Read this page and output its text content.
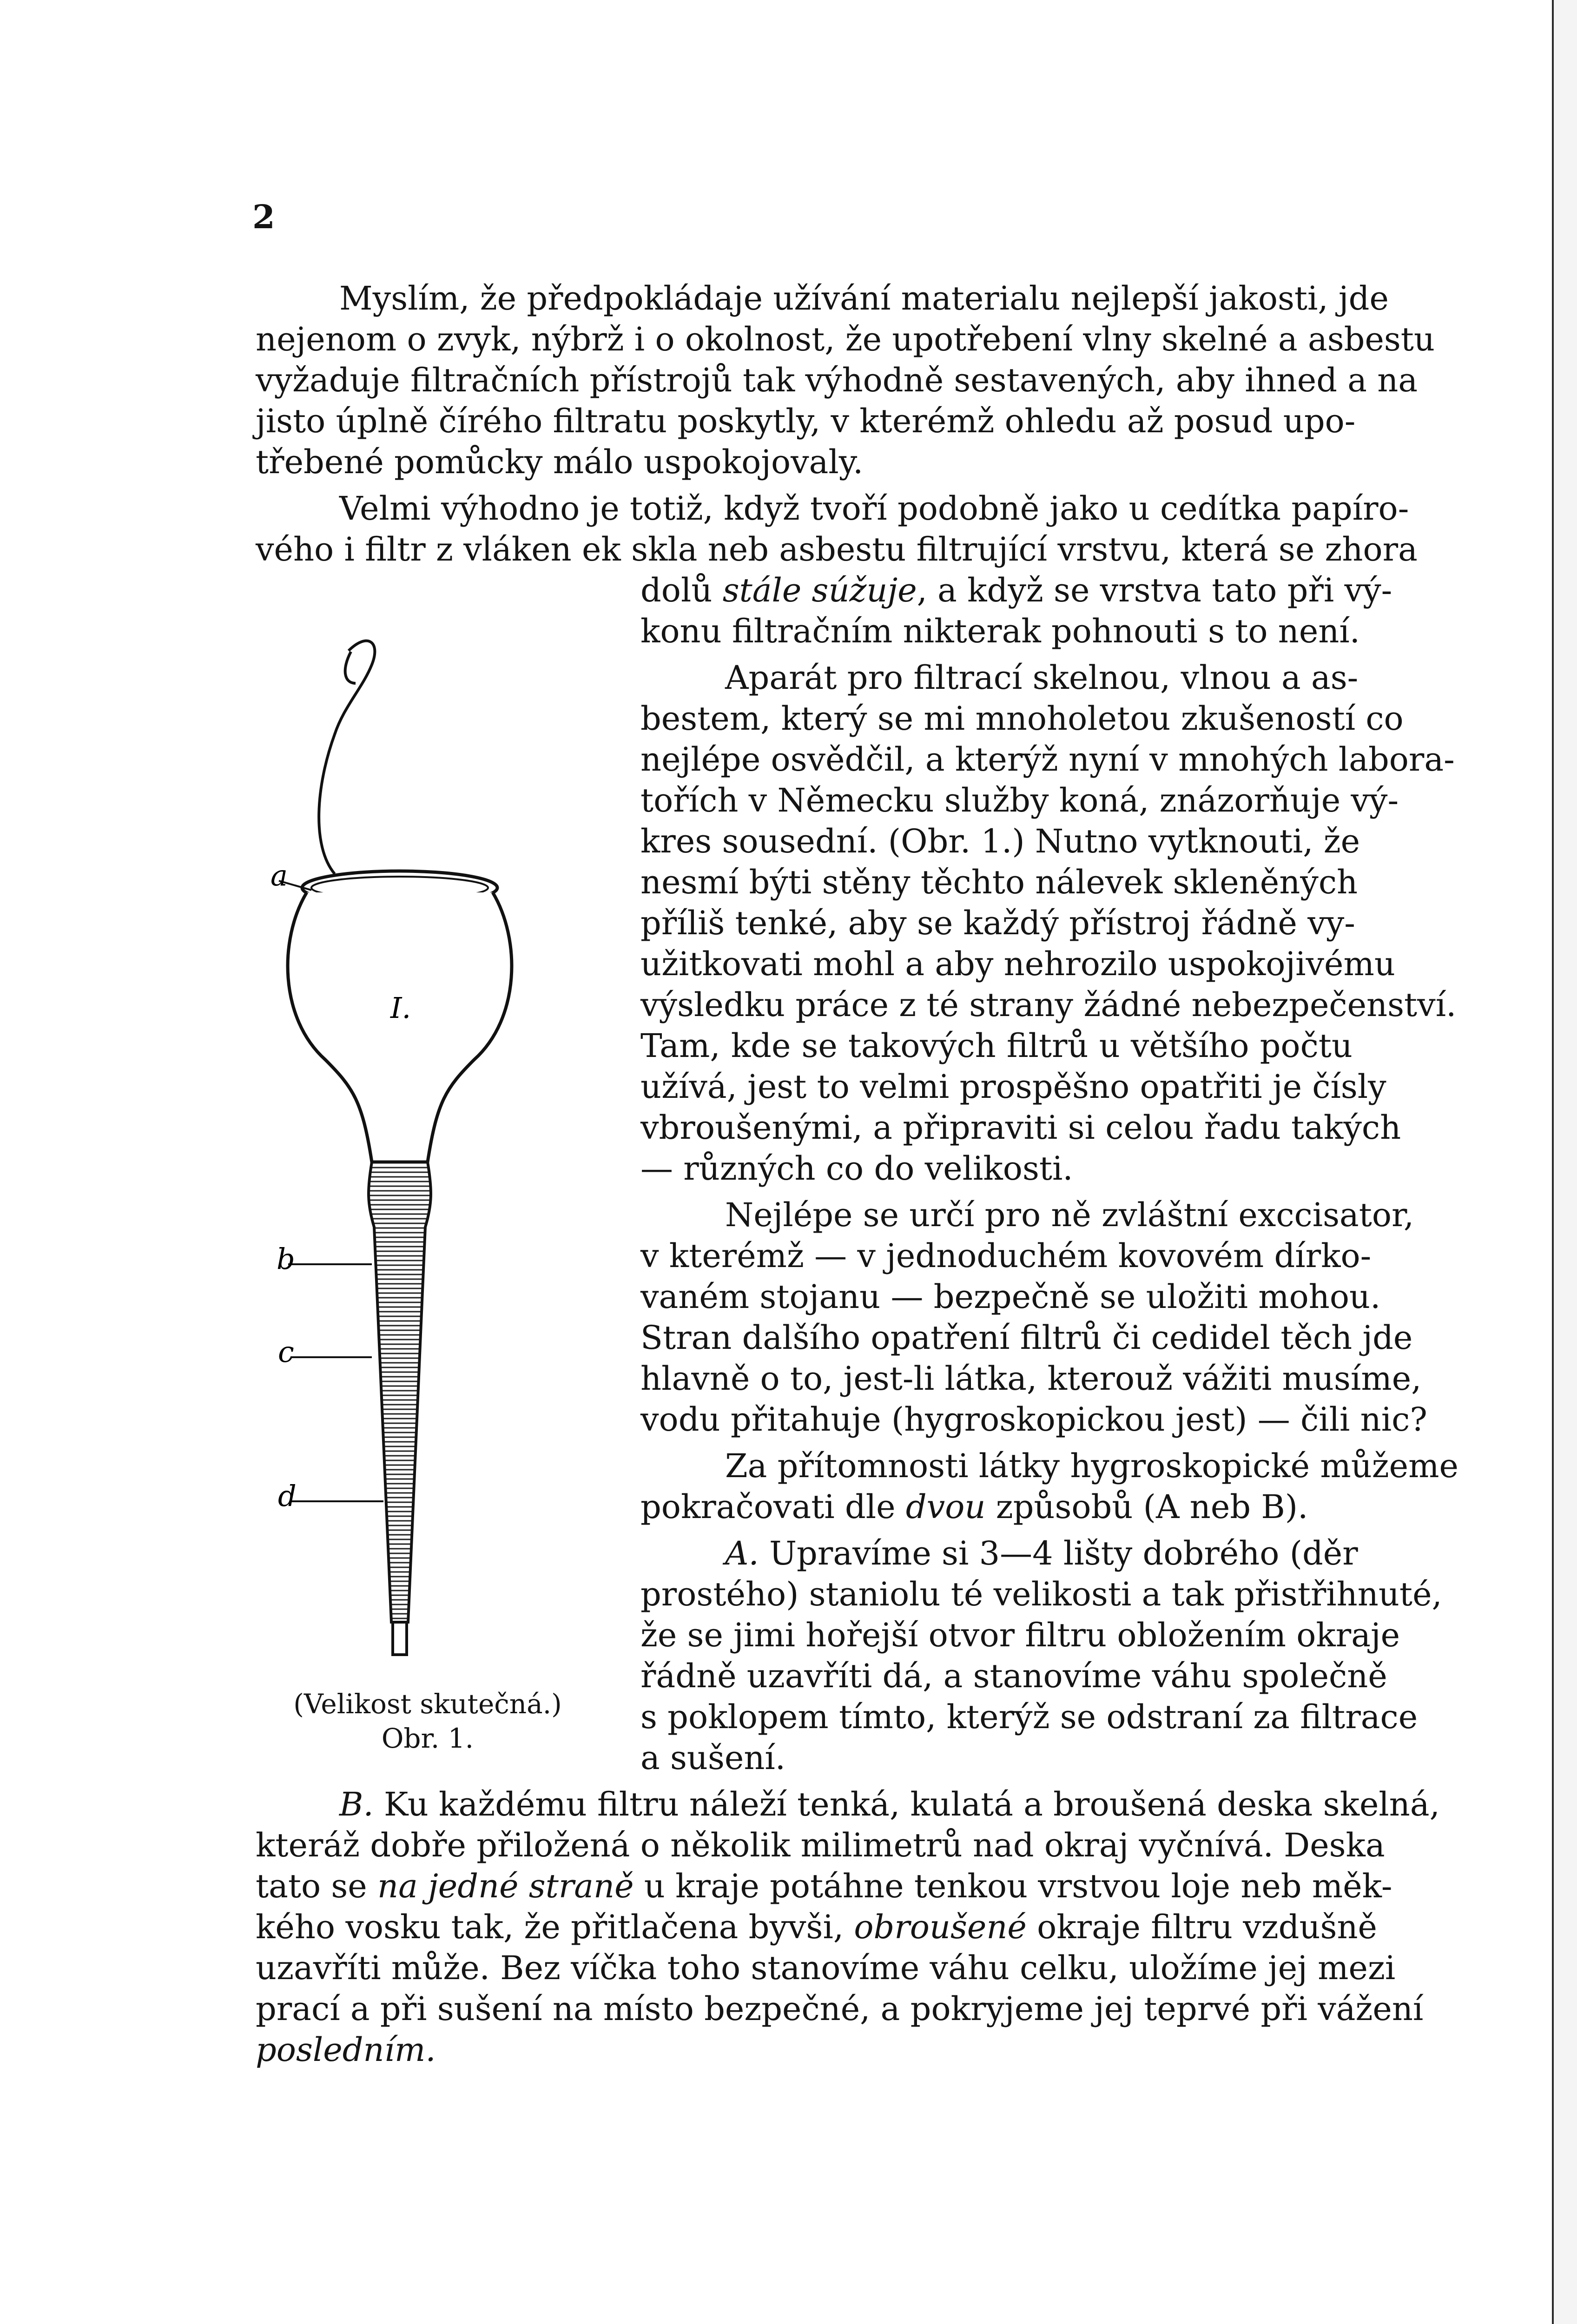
2
Myslím, že předpokládaje užívání materialu nejlepší jakosti, jde
nejenom o zvyk, nýbrž i o okolnost, že upotřebení vlny skelné a asbestu
vyžaduje filtračních přístrojů tak výhodně sestavených, aby ihned a na
jisto úplně čírého filtratu poskytly, v kterémž ohledu až posud upo-
třebené pomůcky málo uspokojovaly.
Velmi výhodno je totiž, když tvoří podobně jako u cedítka papíro-
vého i filtr z vláken ek skla neb asbestu filtrující vrstvu, která se zhora
dolů stále súžuje, a když se vrstva tato při vý-
konu filtračním nikterak pohnouti s to není.
Aparát pro filtrací skelnou, vlnou a as-
bestem, který se mi mnoholetou zkušeností co
nejlépe osvědčil, a kterýž nyní v mnohých labora-
tořích v Německu služby koná, znázorňuje vý-
kres sousední. (Obr. 1.) Nutno vytknouti, že
nesmí býti stěny těchto nálevek skleněných
příliš tenké, aby se každý přístroj řádně vy-
užitkovati mohl a aby nehrozilo uspokojivému
výsledku práce z té strany žádné nebezpečenství.
Tam, kde se takových filtrů u většího počtu
užívá, jest to velmi prospěšno opatřiti je čísly
vbroušenými, a připraviti si celou řadu takých
— různých co do velikosti.
Nejlépe se určí pro ně zvláštní exccisator,
v kterémž — v jednoduchém kovovém dírko-
vaném stojanu — bezpečně se uložiti mohou.
Stran dalšího opatření filtrů či cedidel těch jde
hlavně o to, jest-li látka, kterouž vážiti musíme,
vodu přitahuje (hygroskopickou jest) — čili nic?
Za přítomnosti látky hygroskopické můžeme
pokračovati dle dvou způsobů (A neb B).
A. Upravíme si 3—4 lišty dobrého (děr
prostého) staniolu té velikosti a tak přistřihnuté,
že se jimi hořejší otvor filtru obložením okraje
řádně uzavříti dá, a stanovíme váhu společně
s poklopem tímto, kterýž se odstraní za filtrace
a sušení.
B. Ku každému filtru náleží tenká, kulatá a broušená deska skelná,
kteráž dobře přiložená o několik milimetrů nad okraj vyčnívá. Deska
tato se na jedné straně u kraje potáhne tenkou vrstvou loje neb měk-
kého vosku tak, že přitlačena byvši, obroušené okraje filtru vzdušně
uzavříti může. Bez víčka toho stanovíme váhu celku, uložíme jej mezi
prací a při sušení na místo bezpečné, a pokryjeme jej teprvé při vážení
posledním.
I.
a
b
c
d
(Velikost skutečná.)
Obr. 1.
